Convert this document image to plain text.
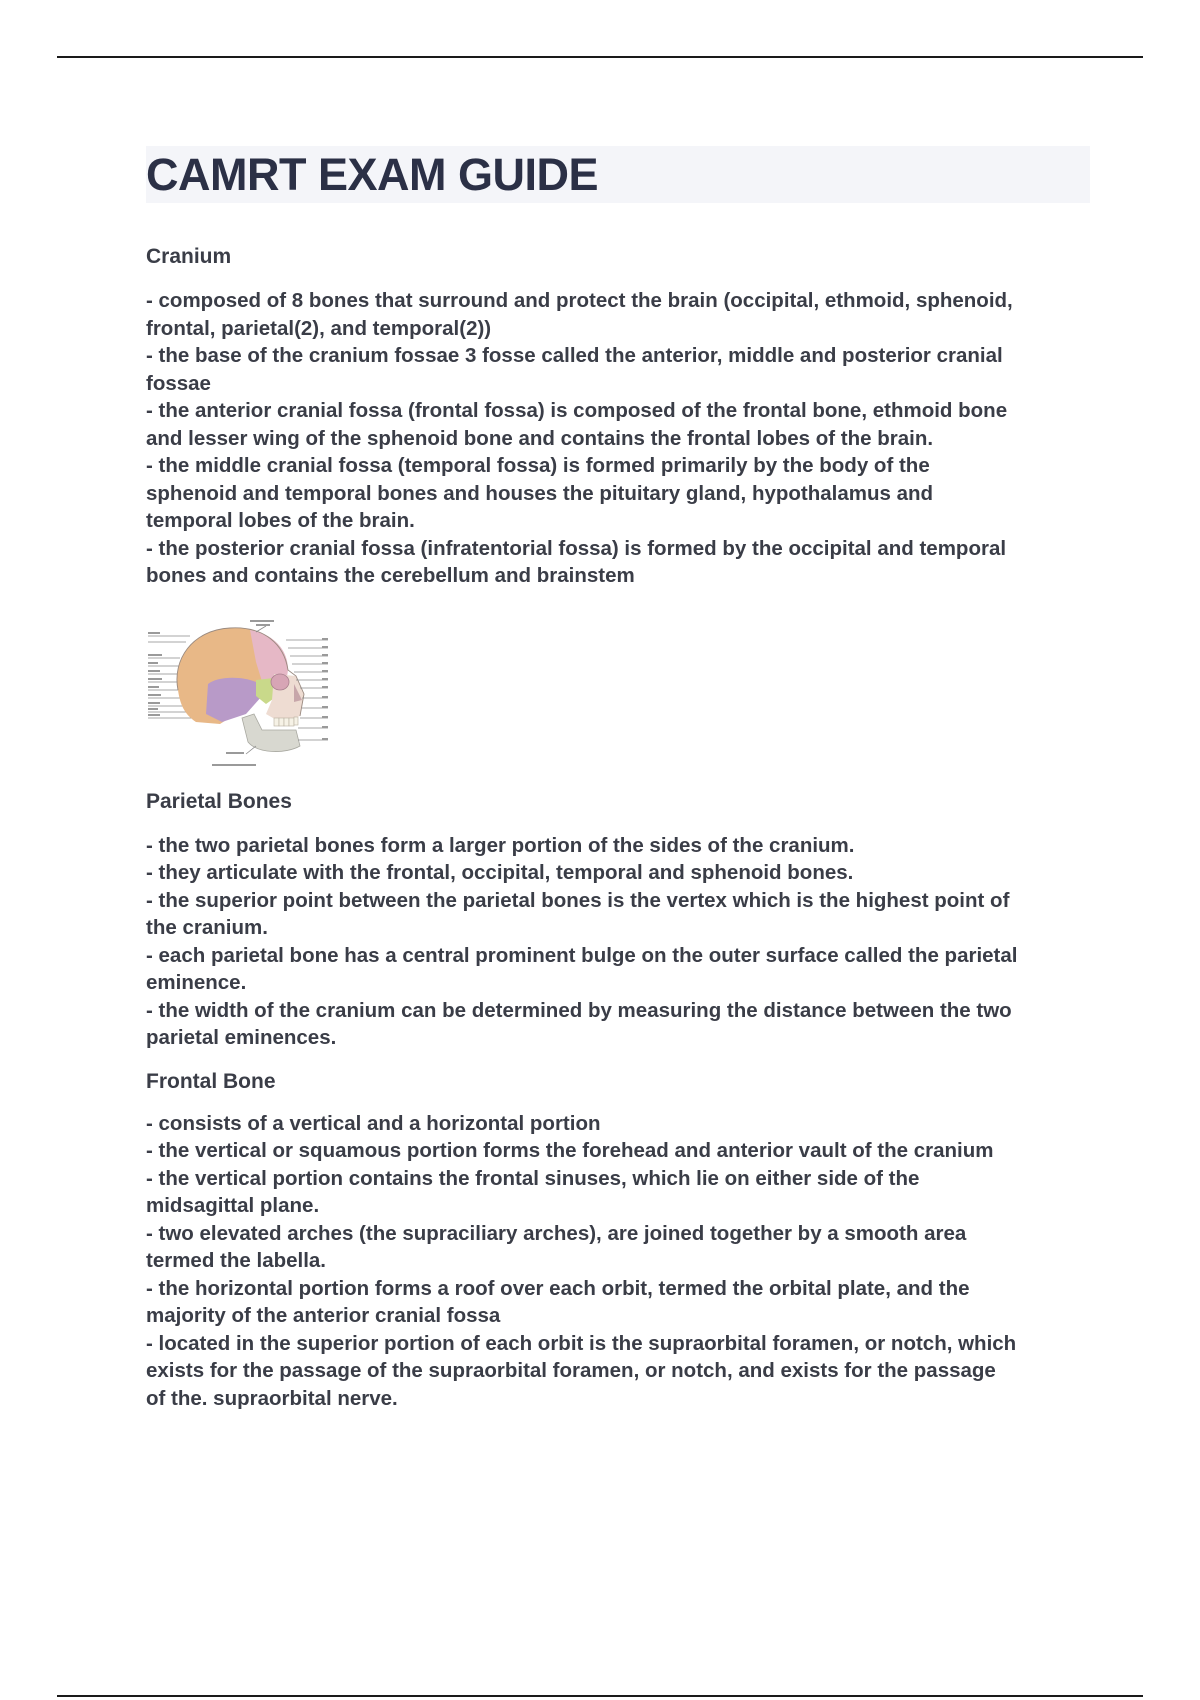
CAMRT EXAM GUIDE
Cranium

- composed of 8 bones that surround and protect the brain (occipital, ethmoid, sphenoid,

frontal, parietal(2), and temporal(2))

- the base of the cranium fossae 3 fosse called the anterior, middle and posterior cranial

fossae

- the anterior cranial fossa (frontal fossa) is composed of the frontal bone, ethmoid bone

and lesser wing of the sphenoid bone and contains the frontal lobes of the brain.

- the middle cranial fossa (temporal fossa) is formed primarily by the body of the

sphenoid and temporal bones and houses the pituitary gland, hypothalamus and

temporal lobes of the brain.

- the posterior cranial fossa (infratentorial fossa) is formed by the occipital and temporal

bones and contains the cerebellum and brainstem

Parietal Bones

- the two parietal bones form a larger portion of the sides of the cranium.

- they articulate with the frontal, occipital, temporal and sphenoid bones.

- the superior point between the parietal bones is the vertex which is the highest point of

the cranium.

- each parietal bone has a central prominent bulge on the outer surface called the parietal

eminence.

- the width of the cranium can be determined by measuring the distance between the two

parietal eminences.

Frontal Bone

- consists of a vertical and a horizontal portion

- the vertical or squamous portion forms the forehead and anterior vault of the cranium

- the vertical portion contains the frontal sinuses, which lie on either side of the

midsagittal plane.

- two elevated arches (the supraciliary arches), are joined together by a smooth area

termed the labella.

- the horizontal portion forms a roof over each orbit, termed the orbital plate, and the

majority of the anterior cranial fossa

- located in the superior portion of each orbit is the supraorbital foramen, or notch, which

exists for the passage of the supraorbital foramen, or notch, and exists for the passage

of the. supraorbital nerve.
